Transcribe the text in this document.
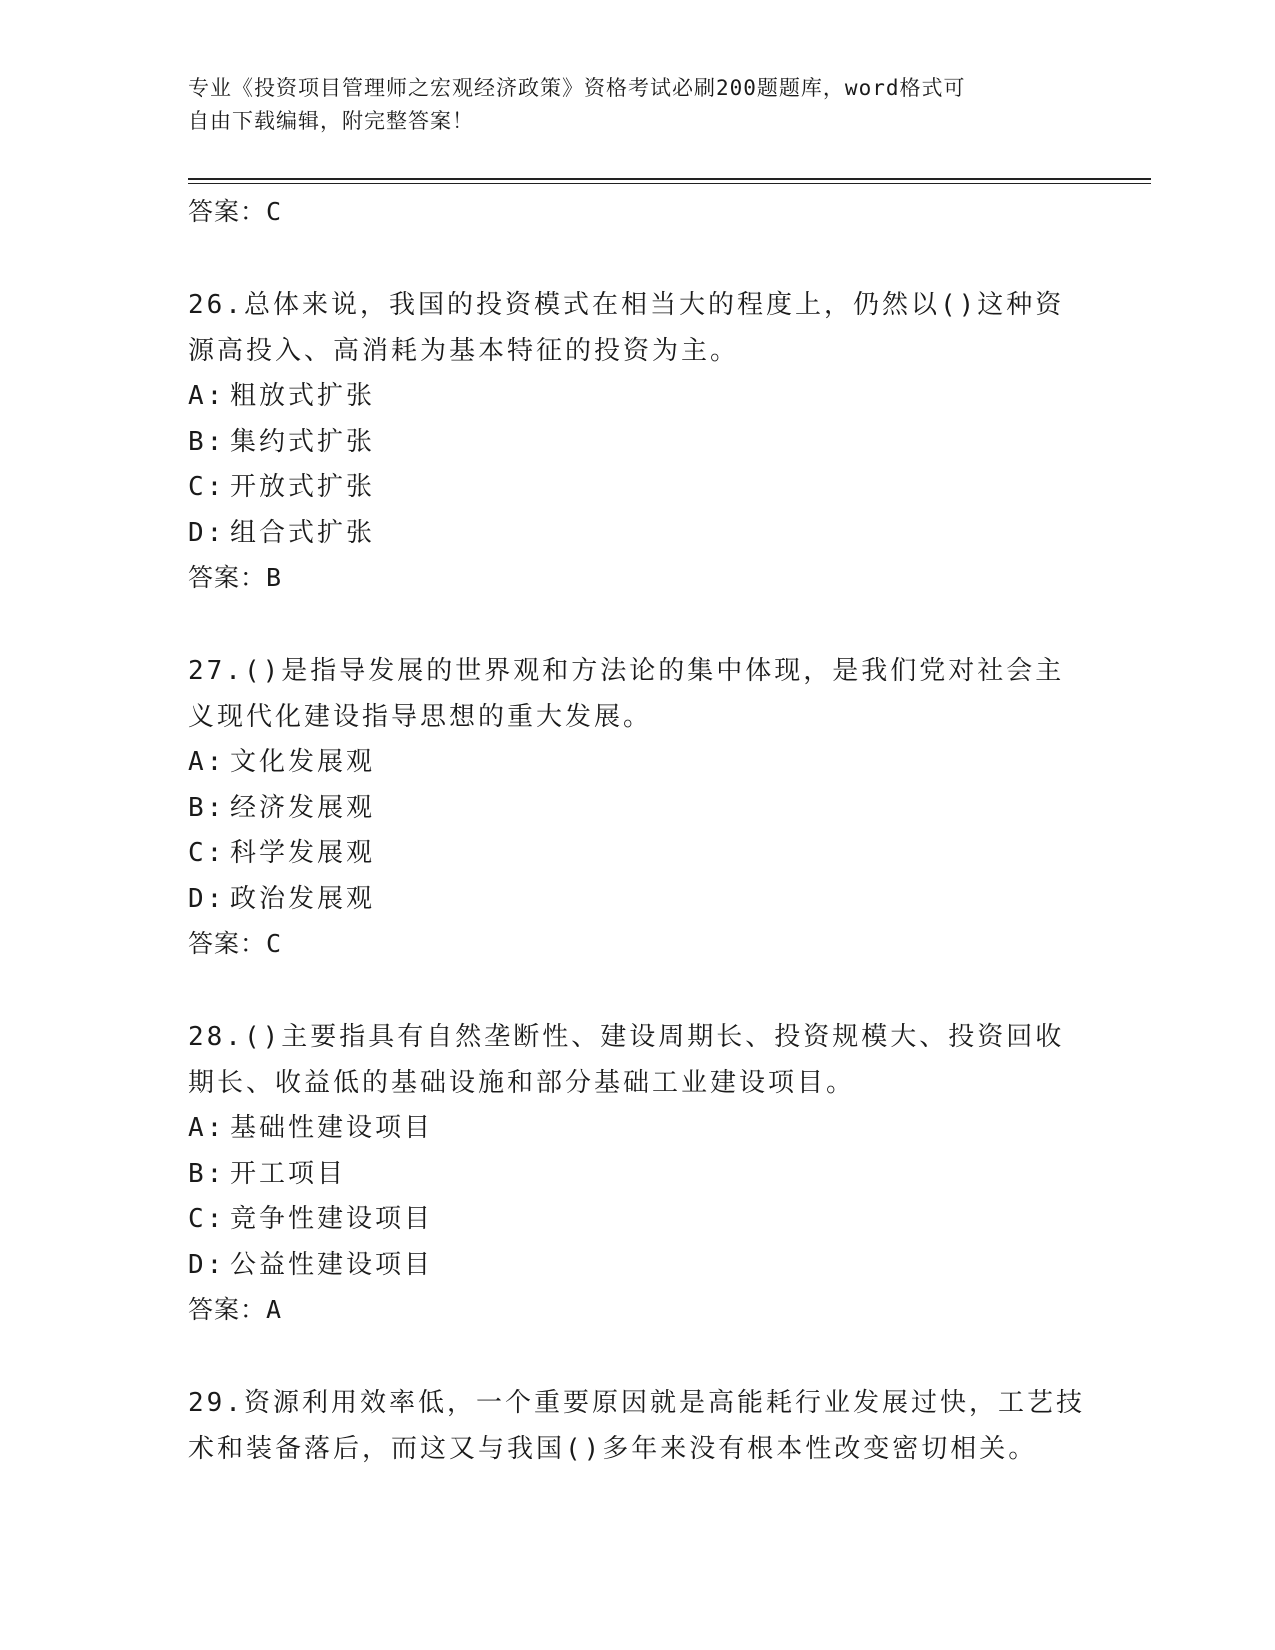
专业《投资项目管理师之宏观经济政策》资格考试必刷200题题库，word格式可
自由下载编辑，附完整答案！
答案：C
26.总体来说，我国的投资模式在相当大的程度上，仍然以()这种资源高投入、高消耗为基本特征的投资为主。
A: 粗放式扩张
B: 集约式扩张
C: 开放式扩张
D: 组合式扩张
答案：B
27.()是指导发展的世界观和方法论的集中体现，是我们党对社会主义现代化建设指导思想的重大发展。
A: 文化发展观
B: 经济发展观
C: 科学发展观
D: 政治发展观
答案：C
28.()主要指具有自然垄断性、建设周期长、投资规模大、投资回收期长、收益低的基础设施和部分基础工业建设项目。
A: 基础性建设项目
B: 开工项目
C: 竞争性建设项目
D: 公益性建设项目
答案：A
29.资源利用效率低，一个重要原因就是高能耗行业发展过快，工艺技术和装备落后，而这又与我国()多年来没有根本性改变密切相关。
